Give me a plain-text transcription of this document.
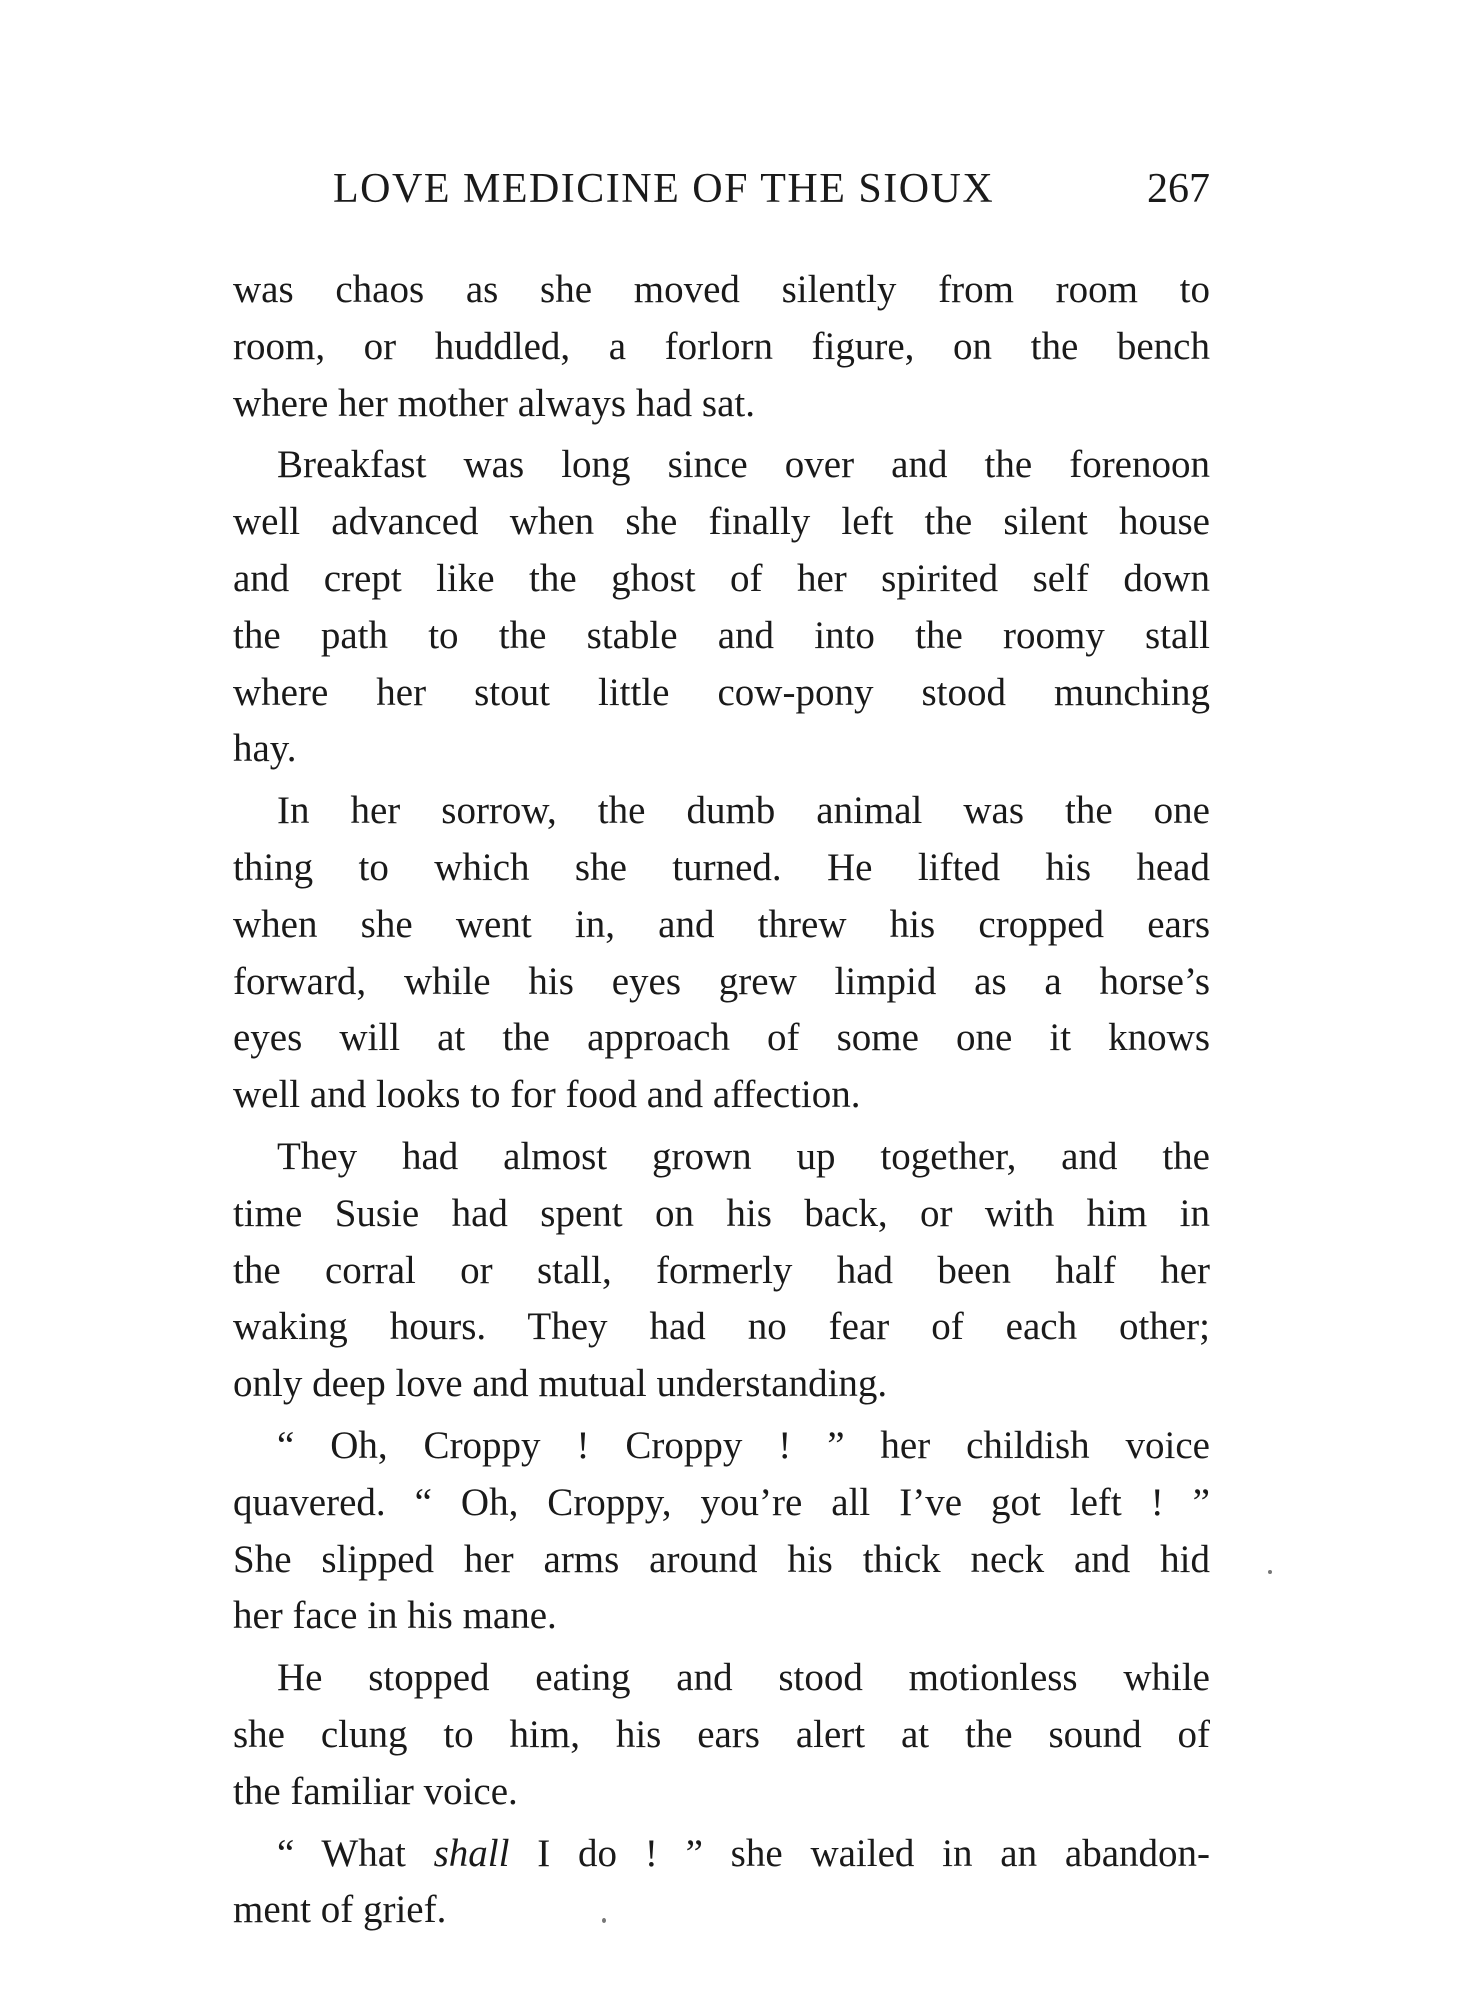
LOVE MEDICINE OF THE SIOUX	267
was chaos as she moved silently from room to
room, or huddled, a forlorn figure, on the bench
where her mother always had sat.
Breakfast was long since over and the forenoon
well advanced when she finally left the silent house
and crept like the ghost of her spirited self down
the path to the stable and into the roomy stall
where her stout little cow-pony stood munching
hay.
In her sorrow, the dumb animal was the one
thing to which she turned. He lifted his head
when she went in, and threw his cropped ears
forward, while his eyes grew limpid as a horse’s
eyes will at the approach of some one it knows
well and looks to for food and affection.
They had almost grown up together, and the
time Susie had spent on his back, or with him in
the corral or stall, formerly had been half her
waking hours. They had no fear of each other;
only deep love and mutual understanding.
“ Oh, Croppy ! Croppy ! ” her childish voice
quavered. “ Oh, Croppy, you’re all I’ve got left ! ”
She slipped her arms around his thick neck and hid
her face in his mane.
He stopped eating and stood motionless while
she clung to him, his ears alert at the sound of
the familiar voice.
“ What shall I do ! ” she wailed in an abandon-
ment of grief.
